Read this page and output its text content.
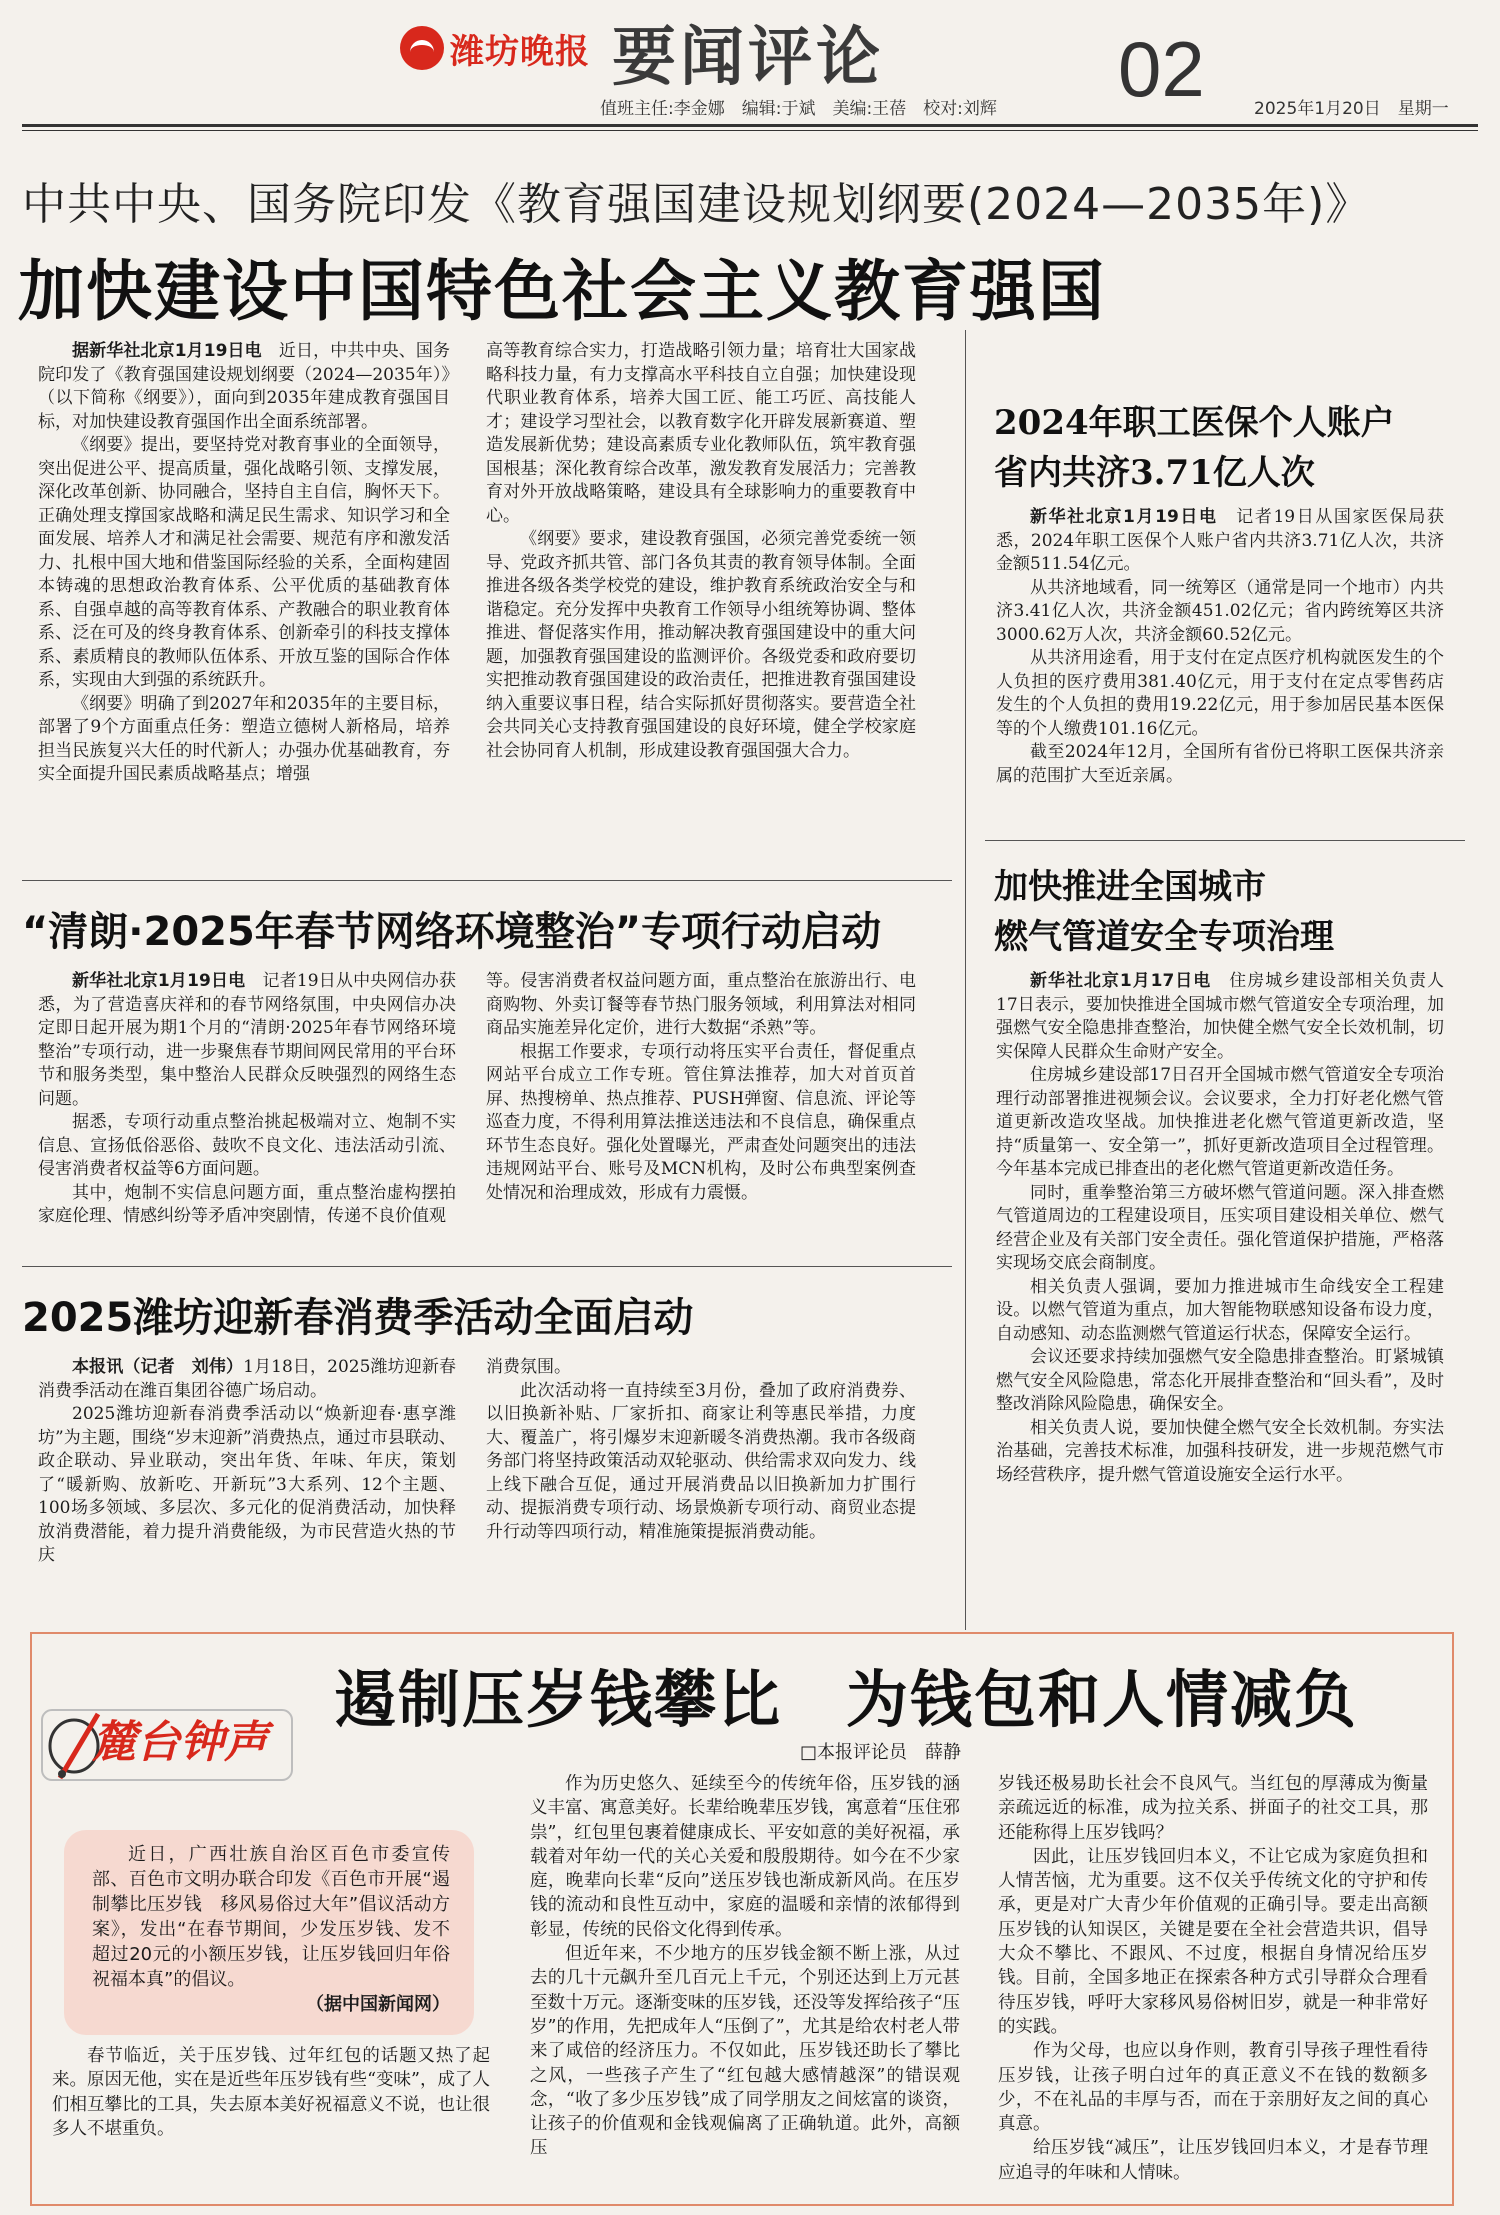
潍坊晚报 要闻评论	02
值班主任:李金娜　编辑:于斌　美编:王蓓　校对:刘辉	2025年1月20日　星期一
中共中央、国务院印发《教育强国建设规划纲要(2024—2035年)》
加快建设中国特色社会主义教育强国

据新华社北京1月19日电　 近日，中共中央、国务院印发了《教育强国建设规划纲要（2024—2035年）》（以下简称《纲要》），面向到2035年建成教育强国目标，对加快建设教育强国作出全面系统部署。

《纲要》提出，要坚持党对教育事业的全面领导，突出促进公平、提高质量，强化战略引领、支撑发展，深化改革创新、协同融合，坚持自主自信，胸怀天下。正确处理支撑国家战略和满足民生需求、知识学习和全面发展、培养人才和满足社会需要、规范有序和激发活力、扎根中国大地和借鉴国际经验的关系，全面构建固本铸魂的思想政治教育体系、公平优质的基础教育体系、自强卓越的高等教育体系、产教融合的职业教育体系、泛在可及的终身教育体系、创新牵引的科技支撑体系、素质精良的教师队伍体系、开放互鉴的国际合作体系，实现由大到强的系统跃升。

《纲要》明确了到2027年和2035年的主要目标，部署了9个方面重点任务：塑造立德树人新格局，培养担当民族复兴大任的时代新人；办强办优基础教育，夯实全面提升国民素质战略基点；增强

高等教育综合实力，打造战略引领力量；培育壮大国家战略科技力量，有力支撑高水平科技自立自强；加快建设现代职业教育体系，培养大国工匠、能工巧匠、高技能人才；建设学习型社会，以教育数字化开辟发展新赛道、塑造发展新优势；建设高素质专业化教师队伍，筑牢教育强国根基；深化教育综合改革，激发教育发展活力；完善教育对外开放战略策略，建设具有全球影响力的重要教育中心。

《纲要》要求，建设教育强国，必须完善党委统一领导、党政齐抓共管、部门各负其责的教育领导体制。全面推进各级各类学校党的建设，维护教育系统政治安全与和谐稳定。充分发挥中央教育工作领导小组统筹协调、整体推进、督促落实作用，推动解决教育强国建设中的重大问题，加强教育强国建设的监测评价。各级党委和政府要切实把推动教育强国建设的政治责任，把推进教育强国建设纳入重要议事日程，结合实际抓好贯彻落实。要营造全社会共同关心支持教育强国建设的良好环境，健全学校家庭社会协同育人机制，形成建设教育强国强大合力。

2024年职工医保个人账户
省内共济3.71亿人次

新华社北京1月19日电　 记者19日从国家医保局获悉，2024年职工医保个人账户省内共济3.71亿人次，共济金额511.54亿元。

从共济地域看，同一统筹区（通常是同一个地市）内共济3.41亿人次，共济金额451.02亿元；省内跨统筹区共济3000.62万人次，共济金额60.52亿元。

从共济用途看，用于支付在定点医疗机构就医发生的个人负担的医疗费用381.40亿元，用于支付在定点零售药店发生的个人负担的费用19.22亿元，用于参加居民基本医保等的个人缴费101.16亿元。

截至2024年12月，全国所有省份已将职工医保共济亲属的范围扩大至近亲属。

加快推进全国城市
燃气管道安全专项治理

新华社北京1月17日电　 住房城乡建设部相关负责人17日表示，要加快推进全国城市燃气管道安全专项治理，加强燃气安全隐患排查整治，加快健全燃气安全长效机制，切实保障人民群众生命财产安全。

住房城乡建设部17日召开全国城市燃气管道安全专项治理行动部署推进视频会议。会议要求，全力打好老化燃气管道更新改造攻坚战。加快推进老化燃气管道更新改造，坚持“质量第一、安全第一”，抓好更新改造项目全过程管理。今年基本完成已排查出的老化燃气管道更新改造任务。

同时，重拳整治第三方破坏燃气管道问题。深入排查燃气管道周边的工程建设项目，压实项目建设相关单位、燃气经营企业及有关部门安全责任。强化管道保护措施，严格落实现场交底会商制度。

相关负责人强调，要加力推进城市生命线安全工程建设。以燃气管道为重点，加大智能物联感知设备布设力度，自动感知、动态监测燃气管道运行状态，保障安全运行。

会议还要求持续加强燃气安全隐患排查整治。盯紧城镇燃气安全风险隐患，常态化开展排查整治和“回头看”，及时整改消除风险隐患，确保安全。

相关负责人说，要加快健全燃气安全长效机制。夯实法治基础，完善技术标准，加强科技研发，进一步规范燃气市场经营秩序，提升燃气管道设施安全运行水平。

“清朗·2025年春节网络环境整治”专项行动启动

新华社北京1月19日电　 记者19日从中央网信办获悉，为了营造喜庆祥和的春节网络氛围，中央网信办决定即日起开展为期1个月的“清朗·2025年春节网络环境整治”专项行动，进一步聚焦春节期间网民常用的平台环节和服务类型，集中整治人民群众反映强烈的网络生态问题。

据悉，专项行动重点整治挑起极端对立、炮制不实信息、宣扬低俗恶俗、鼓吹不良文化、违法活动引流、侵害消费者权益等6方面问题。

其中，炮制不实信息问题方面，重点整治虚构摆拍家庭伦理、情感纠纷等矛盾冲突剧情，传递不良价值观

等。侵害消费者权益问题方面，重点整治在旅游出行、电商购物、外卖订餐等春节热门服务领域，利用算法对相同商品实施差异化定价，进行大数据“杀熟”等。

根据工作要求，专项行动将压实平台责任，督促重点网站平台成立工作专班。管住算法推荐，加大对首页首屏、热搜榜单、热点推荐、PUSH弹窗、信息流、评论等巡查力度，不得利用算法推送违法和不良信息，确保重点环节生态良好。强化处置曝光，严肃查处问题突出的违法违规网站平台、账号及MCN机构，及时公布典型案例查处情况和治理成效，形成有力震慑。

2025潍坊迎新春消费季活动全面启动

本报讯（记者　刘伟）1月18日，2025潍坊迎新春消费季活动在潍百集团谷德广场启动。

2025潍坊迎新春消费季活动以“焕新迎春·惠享潍坊”为主题，围绕“岁末迎新”消费热点，通过市县联动、政企联动、异业联动，突出年货、年味、年庆，策划了“暖新购、放新吃、开新玩”3大系列、12个主题、100场多领域、多层次、多元化的促消费活动，加快释放消费潜能，着力提升消费能级，为市民营造火热的节庆

消费氛围。

此次活动将一直持续至3月份，叠加了政府消费券、以旧换新补贴、厂家折扣、商家让利等惠民举措，力度大、覆盖广，将引爆岁末迎新暖冬消费热潮。我市各级商务部门将坚持政策活动双轮驱动、供给需求双向发力、线上线下融合互促，通过开展消费品以旧换新加力扩围行动、提振消费专项行动、场景焕新专项行动、商贸业态提升行动等四项行动，精准施策提振消费动能。

麓台钟声
遏制压岁钱攀比　为钱包和人情减负
□本报评论员　薛静
近日，广西壮族自治区百色市委宣传部、百色市文明办联合印发《百色市开展“遏制攀比压岁钱　移风易俗过大年”倡议活动方案》，发出“在春节期间，少发压岁钱、发不超过20元的小额压岁钱，让压岁钱回归年俗祝福本真”的倡议。
（据中国新闻网）

春节临近，关于压岁钱、过年红包的话题又热了起来。原因无他，实在是近些年压岁钱有些“变味”，成了人们相互攀比的工具，失去原本美好祝福意义不说，也让很多人不堪重负。

作为历史悠久、延续至今的传统年俗，压岁钱的涵义丰富、寓意美好。长辈给晚辈压岁钱，寓意着“压住邪祟”，红包里包裹着健康成长、平安如意的美好祝福，承载着对年幼一代的关心关爱和殷殷期待。如今在不少家庭，晚辈向长辈“反向”送压岁钱也渐成新风尚。在压岁钱的流动和良性互动中，家庭的温暖和亲情的浓郁得到彰显，传统的民俗文化得到传承。

但近年来，不少地方的压岁钱金额不断上涨，从过去的几十元飙升至几百元上千元，个别还达到上万元甚至数十万元。逐渐变味的压岁钱，还没等发挥给孩子“压岁”的作用，先把成年人“压倒了”，尤其是给农村老人带来了咸倍的经济压力。不仅如此，压岁钱还助长了攀比之风，一些孩子产生了“红包越大感情越深”的错误观念，“收了多少压岁钱”成了同学朋友之间炫富的谈资，让孩子的价值观和金钱观偏离了正确轨道。此外，高额压

岁钱还极易助长社会不良风气。当红包的厚薄成为衡量亲疏远近的标准，成为拉关系、拼面子的社交工具，那还能称得上压岁钱吗？

因此，让压岁钱回归本义，不让它成为家庭负担和人情苦恼，尤为重要。这不仅关乎传统文化的守护和传承，更是对广大青少年价值观的正确引导。要走出高额压岁钱的认知误区，关键是要在全社会营造共识，倡导大众不攀比、不跟风、不过度，根据自身情况给压岁钱。目前，全国多地正在探索各种方式引导群众合理看待压岁钱，呼吁大家移风易俗树旧岁，就是一种非常好的实践。

作为父母，也应以身作则，教育引导孩子理性看待压岁钱，让孩子明白过年的真正意义不在钱的数额多少，不在礼品的丰厚与否，而在于亲朋好友之间的真心真意。

给压岁钱“减压”，让压岁钱回归本义，才是春节理应追寻的年味和人情味。
